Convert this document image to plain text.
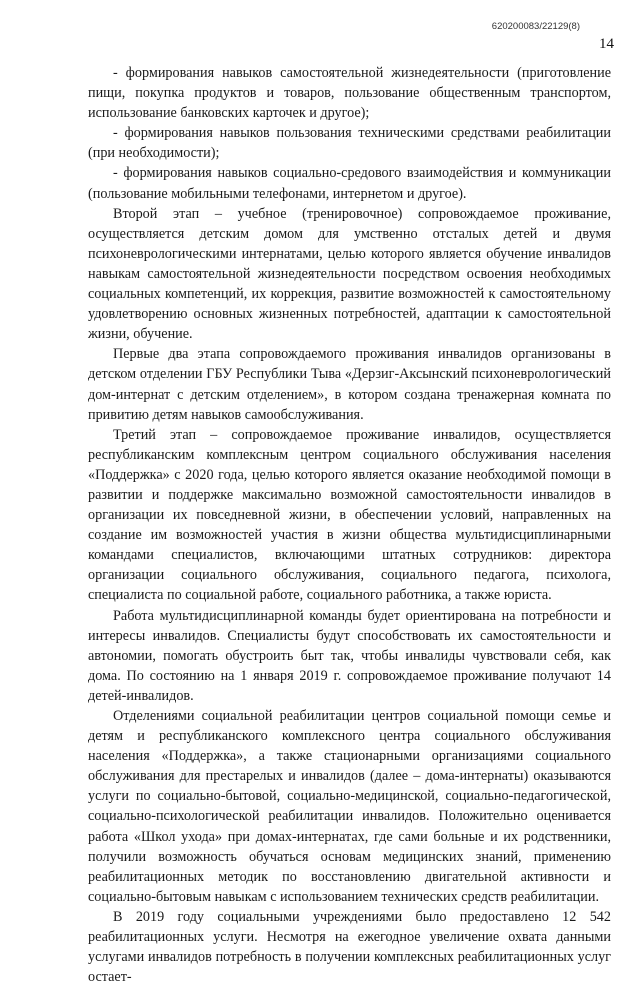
620200083/22129(8)
14

- формирования навыков самостоятельной жизнедеятельности (приготовление пищи, покупка продуктов и товаров, пользование общественным транспортом, использование банковских карточек и другое);

- формирования навыков пользования техническими средствами реабилитации (при необходимости);

- формирования навыков социально-средового взаимодействия и коммуникации (пользование мобильными телефонами, интернетом и другое).

Второй этап – учебное (тренировочное) сопровождаемое проживание, осуществляется детским домом для умственно отсталых детей и двумя психоневрологическими интернатами, целью которого является обучение инвалидов навыкам самостоятельной жизнедеятельности посредством освоения необходимых социальных компетенций, их коррекция, развитие возможностей к самостоятельному удовлетворению основных жизненных потребностей, адаптации к самостоятельной жизни, обучение.

Первые два этапа сопровождаемого проживания инвалидов организованы в детском отделении ГБУ Республики Тыва «Дерзиг-Аксынский психоневрологический дом-интернат с детским отделением», в котором создана тренажерная комната по привитию детям навыков самообслуживания.

Третий этап – сопровождаемое проживание инвалидов, осуществляется республиканским комплексным центром социального обслуживания населения «Поддержка» с 2020 года, целью которого является оказание необходимой помощи в развитии и поддержке максимально возможной самостоятельности инвалидов в организации их повседневной жизни, в обеспечении условий, направленных на создание им возможностей участия в жизни общества мультидисциплинарными командами специалистов, включающими штатных сотрудников: директора организации социального обслуживания, социального педагога, психолога, специалиста по социальной работе, социального работника, а также юриста.

Работа мультидисциплинарной команды будет ориентирована на потребности и интересы инвалидов. Специалисты будут способствовать их самостоятельности и автономии, помогать обустроить быт так, чтобы инвалиды чувствовали себя, как дома. По состоянию на 1 января 2019 г. сопровождаемое проживание получают 14 детей-инвалидов.

Отделениями социальной реабилитации центров социальной помощи семье и детям и республиканского комплексного центра социального обслуживания населения «Поддержка», а также стационарными организациями социального обслуживания для престарелых и инвалидов (далее – дома-интернаты) оказываются услуги по социально-бытовой, социально-медицинской, социально-педагогической, социально-психологической реабилитации инвалидов. Положительно оценивается работа «Школ ухода» при домах-интернатах, где сами больные и их родственники, получили возможность обучаться основам медицинских знаний, применению реабилитационных методик по восстановлению двигательной активности и социально-бытовым навыкам с использованием технических средств реабилитации.

В 2019 году социальными учреждениями было предоставлено 12 542 реабилитационных услуги. Несмотря на ежегодное увеличение охвата данными услугами инвалидов потребность в получении комплексных реабилитационных услуг остает-
